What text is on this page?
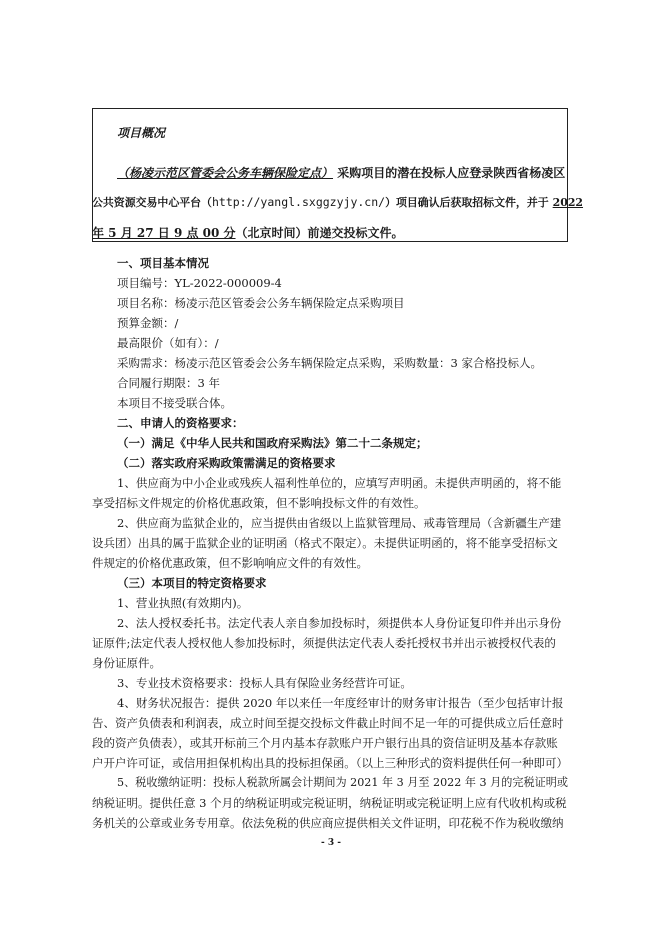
项目概况
（杨凌示范区管委会公务车辆保险定点） 采购项目的潜在投标人应登录陕西省杨凌区
公共资源交易中心平台（http://yangl.sxggzyjy.cn/）项目确认后获取招标文件，并于 2022
年 5 月 27 日 9 点 00 分（北京时间）前递交投标文件。
一、项目基本情况
项目编号：YL-2022-000009-4
项目名称：杨凌示范区管委会公务车辆保险定点采购项目
预算金额：/
最高限价（如有）：/
采购需求：杨凌示范区管委会公务车辆保险定点采购，采购数量：3 家合格投标人。
合同履行期限：3 年
本项目不接受联合体。
二、申请人的资格要求：
（一）满足《中华人民共和国政府采购法》第二十二条规定；
（二）落实政府采购政策需满足的资格要求
1、供应商为中小企业或残疾人福利性单位的，应填写声明函。未提供声明函的，将不能
享受招标文件规定的价格优惠政策，但不影响投标文件的有效性。
2、供应商为监狱企业的，应当提供由省级以上监狱管理局、戒毒管理局（含新疆生产建
设兵团）出具的属于监狱企业的证明函（格式不限定）。未提供证明函的，将不能享受招标文
件规定的价格优惠政策，但不影响响应文件的有效性。
（三）本项目的特定资格要求
1、营业执照(有效期内)。
2、法人授权委托书。法定代表人亲自参加投标时，须提供本人身份证复印件并出示身份
证原件;法定代表人授权他人参加投标时，须提供法定代表人委托授权书并出示被授权代表的
身份证原件。
3、专业技术资格要求：投标人具有保险业务经营许可证。
4、财务状况报告：提供 2020 年以来任一年度经审计的财务审计报告（至少包括审计报
告、资产负债表和利润表，成立时间至提交投标文件截止时间不足一年的可提供成立后任意时
段的资产负债表），或其开标前三个月内基本存款账户开户银行出具的资信证明及基本存款账
户开户许可证，或信用担保机构出具的投标担保函。（以上三种形式的资料提供任何一种即可）
5、税收缴纳证明：投标人税款所属会计期间为 2021 年 3 月至 2022 年 3 月的完税证明或
纳税证明。提供任意 3 个月的纳税证明或完税证明，纳税证明或完税证明上应有代收机构或税
务机关的公章或业务专用章。依法免税的供应商应提供相关文件证明，印花税不作为税收缴纳
- 3 -
